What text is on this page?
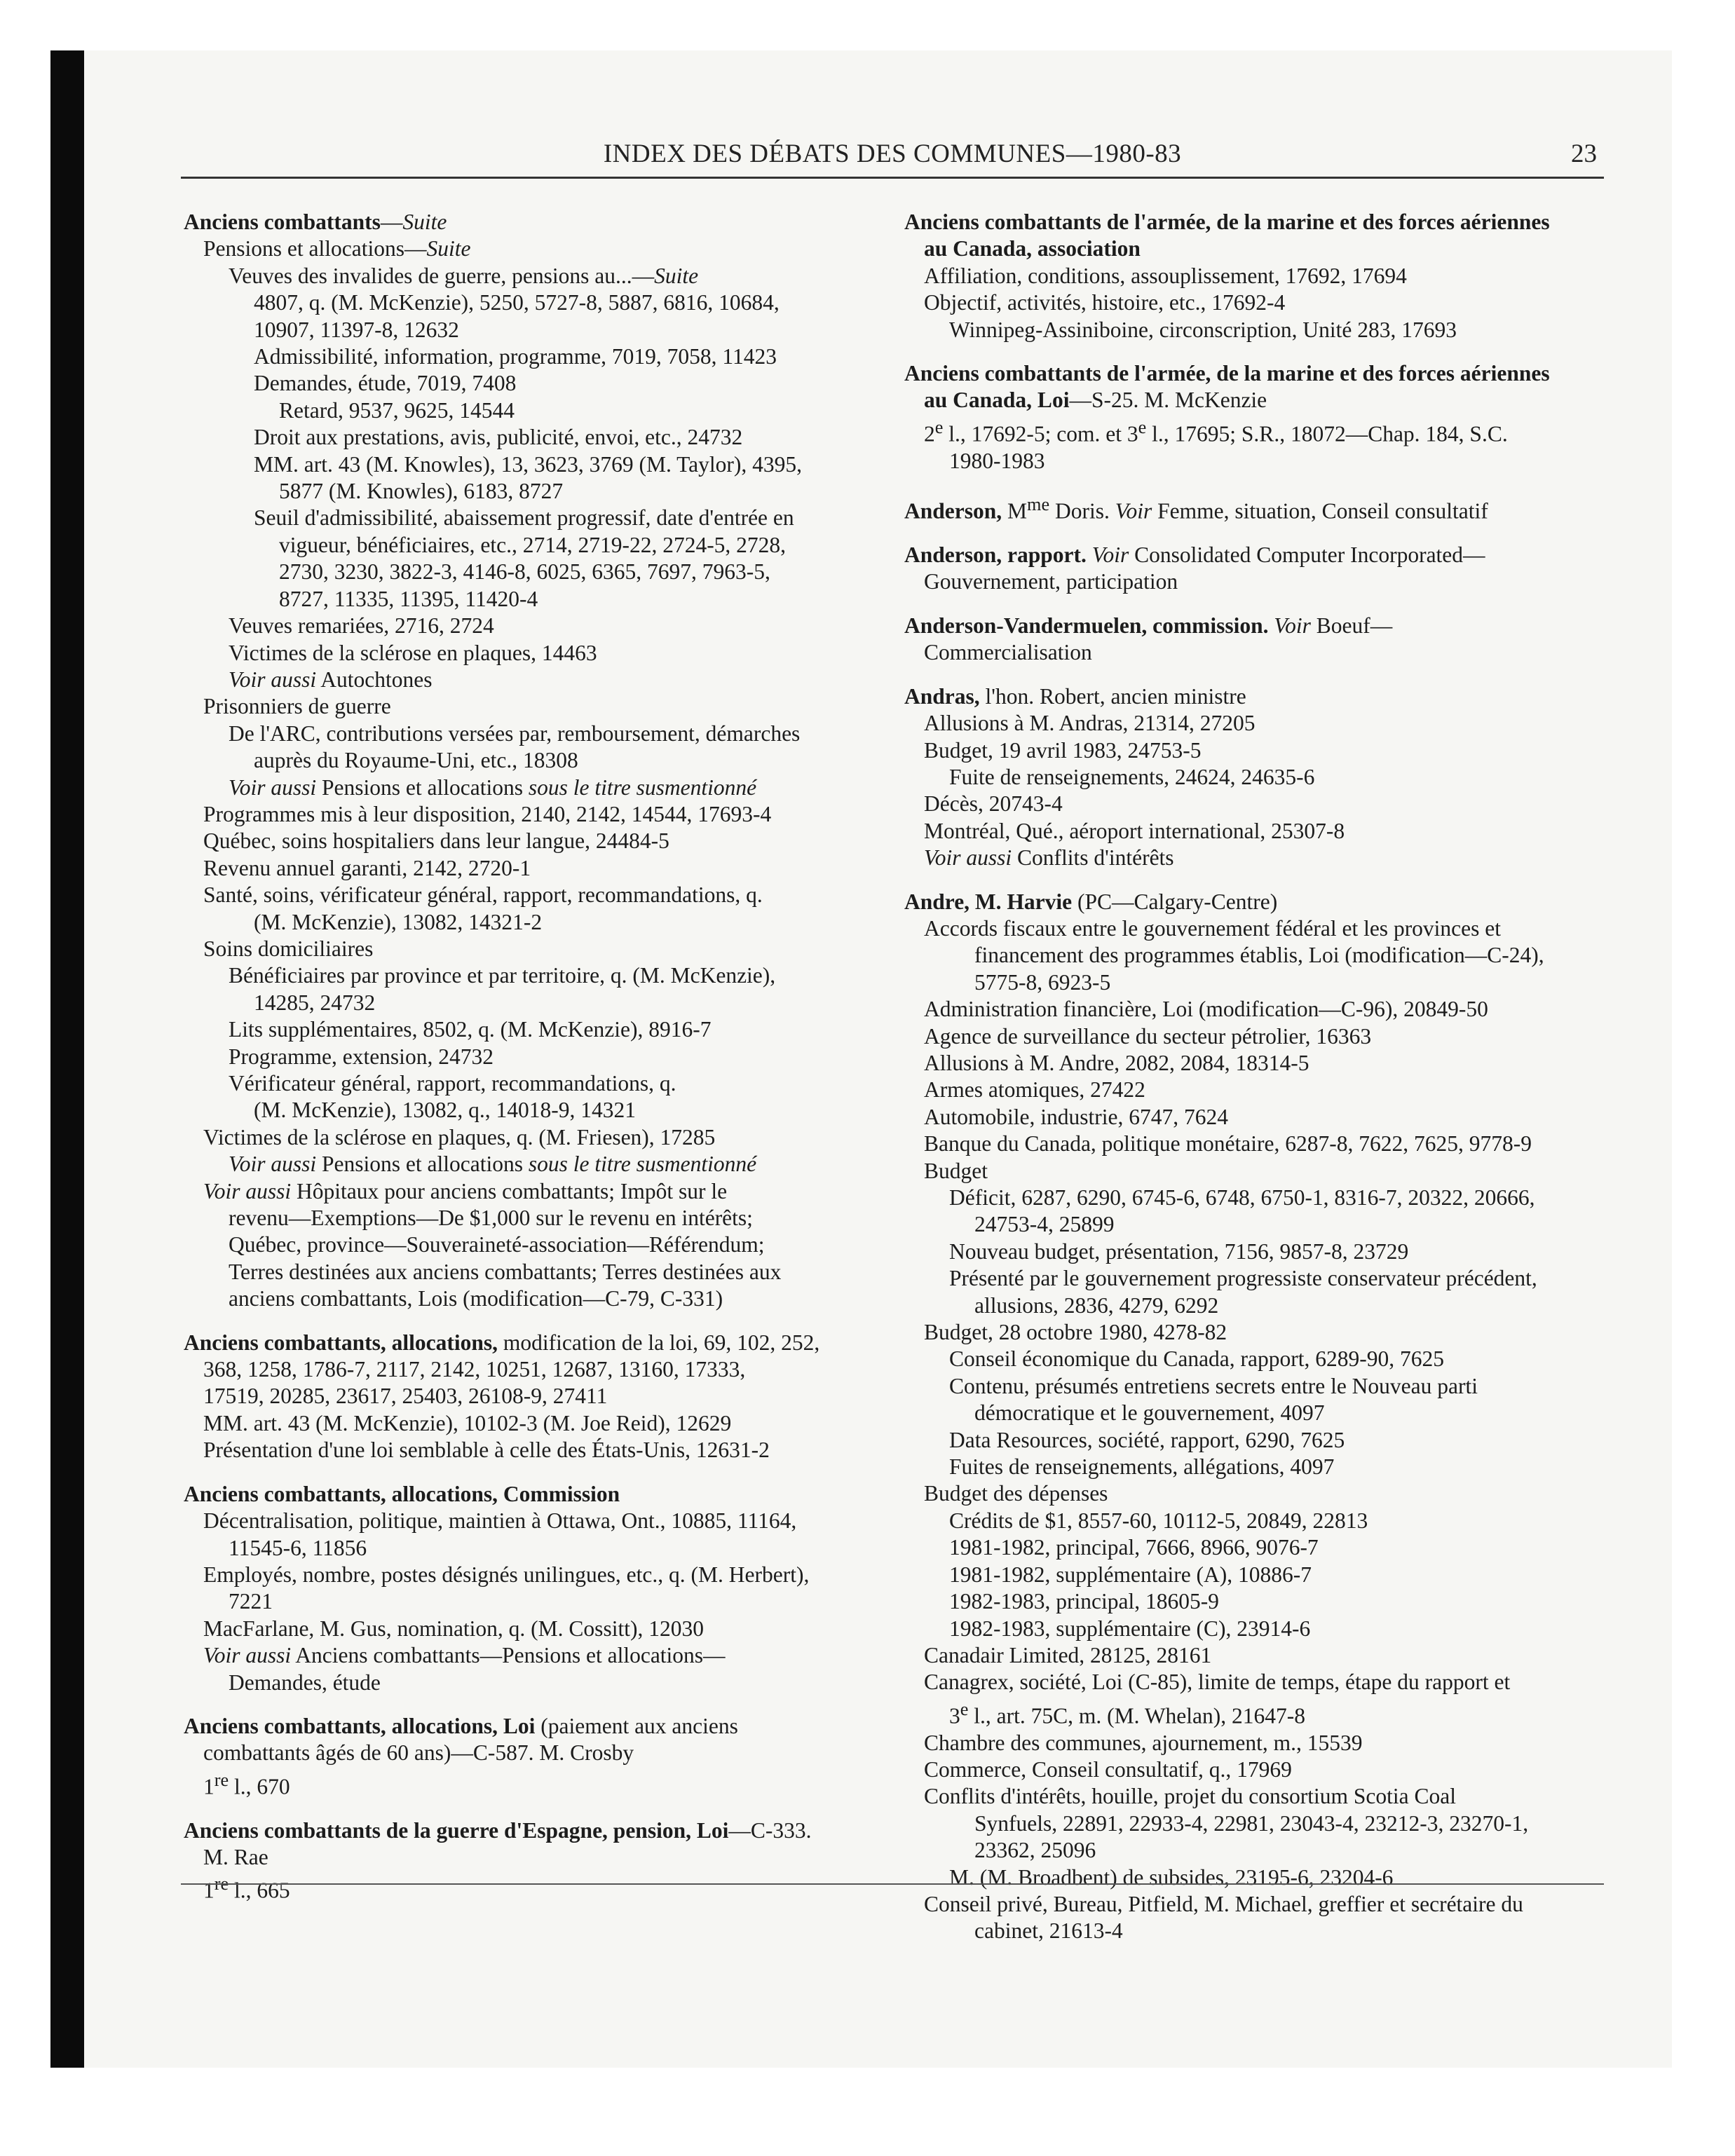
INDEX DES DÉBATS DES COMMUNES—1980-83	23
Anciens combattants—Suite
Pensions et allocations—Suite
Veuves des invalides de guerre, pensions au...—Suite
4807, q. (M. McKenzie), 5250, 5727-8, 5887, 6816, 10684,
10907, 11397-8, 12632
Admissibilité, information, programme, 7019, 7058, 11423
Demandes, étude, 7019, 7408
Retard, 9537, 9625, 14544
Droit aux prestations, avis, publicité, envoi, etc., 24732
MM. art. 43 (M. Knowles), 13, 3623, 3769 (M. Taylor), 4395,
5877 (M. Knowles), 6183, 8727
Seuil d'admissibilité, abaissement progressif, date d'entrée en
vigueur, bénéficiaires, etc., 2714, 2719-22, 2724-5, 2728,
2730, 3230, 3822-3, 4146-8, 6025, 6365, 7697, 7963-5,
8727, 11335, 11395, 11420-4
Veuves remariées, 2716, 2724
Victimes de la sclérose en plaques, 14463
Voir aussi Autochtones
Prisonniers de guerre
De l'ARC, contributions versées par, remboursement, démarches
auprès du Royaume-Uni, etc., 18308
Voir aussi Pensions et allocations sous le titre susmentionné
Programmes mis à leur disposition, 2140, 2142, 14544, 17693-4
Québec, soins hospitaliers dans leur langue, 24484-5
Revenu annuel garanti, 2142, 2720-1
Santé, soins, vérificateur général, rapport, recommandations, q.
(M. McKenzie), 13082, 14321-2
Soins domiciliaires
Bénéficiaires par province et par territoire, q. (M. McKenzie),
14285, 24732
Lits supplémentaires, 8502, q. (M. McKenzie), 8916-7
Programme, extension, 24732
Vérificateur général, rapport, recommandations, q.
(M. McKenzie), 13082, q., 14018-9, 14321
Victimes de la sclérose en plaques, q. (M. Friesen), 17285
Voir aussi Pensions et allocations sous le titre susmentionné
Voir aussi Hôpitaux pour anciens combattants; Impôt sur le
revenu—Exemptions—De $1,000 sur le revenu en intérêts;
Québec, province—Souveraineté-association—Référendum;
Terres destinées aux anciens combattants; Terres destinées aux
anciens combattants, Lois (modification—C-79, C-331)
Anciens combattants, allocations, modification de la loi, 69, 102, 252,
368, 1258, 1786-7, 2117, 2142, 10251, 12687, 13160, 17333,
17519, 20285, 23617, 25403, 26108-9, 27411
MM. art. 43 (M. McKenzie), 10102-3 (M. Joe Reid), 12629
Présentation d'une loi semblable à celle des États-Unis, 12631-2
Anciens combattants, allocations, Commission
Décentralisation, politique, maintien à Ottawa, Ont., 10885, 11164,
11545-6, 11856
Employés, nombre, postes désignés unilingues, etc., q. (M. Herbert),
7221
MacFarlane, M. Gus, nomination, q. (M. Cossitt), 12030
Voir aussi Anciens combattants—Pensions et allocations—
Demandes, étude
Anciens combattants, allocations, Loi (paiement aux anciens
combattants âgés de 60 ans)—C-587. M. Crosby
1re l., 670
Anciens combattants de la guerre d'Espagne, pension, Loi—C-333.
M. Rae
1re l., 665
Anciens combattants de l'armée, de la marine et des forces aériennes
au Canada, association
Affiliation, conditions, assouplissement, 17692, 17694
Objectif, activités, histoire, etc., 17692-4
Winnipeg-Assiniboine, circonscription, Unité 283, 17693
Anciens combattants de l'armée, de la marine et des forces aériennes
au Canada, Loi—S-25. M. McKenzie
2e l., 17692-5; com. et 3e l., 17695; S.R., 18072—Chap. 184, S.C.
1980-1983
Anderson, $M^{me}$ Doris. Voir Femme, situation, Conseil consultatif
Anderson, rapport. Voir Consolidated Computer Incorporated—
Gouvernement, participation
Anderson-Vandermuelen, commission. Voir Boeuf—
Commercialisation
Andras, l'hon. Robert, ancien ministre
Allusions à M. Andras, 21314, 27205
Budget, 19 avril 1983, 24753-5
Fuite de renseignements, 24624, 24635-6
Décès, 20743-4
Montréal, Qué., aéroport international, 25307-8
Voir aussi Conflits d'intérêts
Andre, M. Harvie (PC—Calgary-Centre)
Accords fiscaux entre le gouvernement fédéral et les provinces et
financement des programmes établis, Loi (modification—C-24),
5775-8, 6923-5
Administration financière, Loi (modification—C-96), 20849-50
Agence de surveillance du secteur pétrolier, 16363
Allusions à M. Andre, 2082, 2084, 18314-5
Armes atomiques, 27422
Automobile, industrie, 6747, 7624
Banque du Canada, politique monétaire, 6287-8, 7622, 7625, 9778-9
Budget
Déficit, 6287, 6290, 6745-6, 6748, 6750-1, 8316-7, 20322, 20666,
24753-4, 25899
Nouveau budget, présentation, 7156, 9857-8, 23729
Présenté par le gouvernement progressiste conservateur précédent,
allusions, 2836, 4279, 6292
Budget, 28 octobre 1980, 4278-82
Conseil économique du Canada, rapport, 6289-90, 7625
Contenu, présumés entretiens secrets entre le Nouveau parti
démocratique et le gouvernement, 4097
Data Resources, société, rapport, 6290, 7625
Fuites de renseignements, allégations, 4097
Budget des dépenses
Crédits de $1, 8557-60, 10112-5, 20849, 22813
1981-1982, principal, 7666, 8966, 9076-7
1981-1982, supplémentaire (A), 10886-7
1982-1983, principal, 18605-9
1982-1983, supplémentaire (C), 23914-6
Canadair Limited, 28125, 28161
Canagrex, société, Loi (C-85), limite de temps, étape du rapport et
3e l., art. 75C, m. (M. Whelan), 21647-8
Chambre des communes, ajournement, m., 15539
Commerce, Conseil consultatif, q., 17969
Conflits d'intérêts, houille, projet du consortium Scotia Coal
Synfuels, 22891, 22933-4, 22981, 23043-4, 23212-3, 23270-1,
23362, 25096
M. (M. Broadbent) de subsides, 23195-6, 23204-6
Conseil privé, Bureau, Pitfield, M. Michael, greffier et secrétaire du
cabinet, 21613-4
